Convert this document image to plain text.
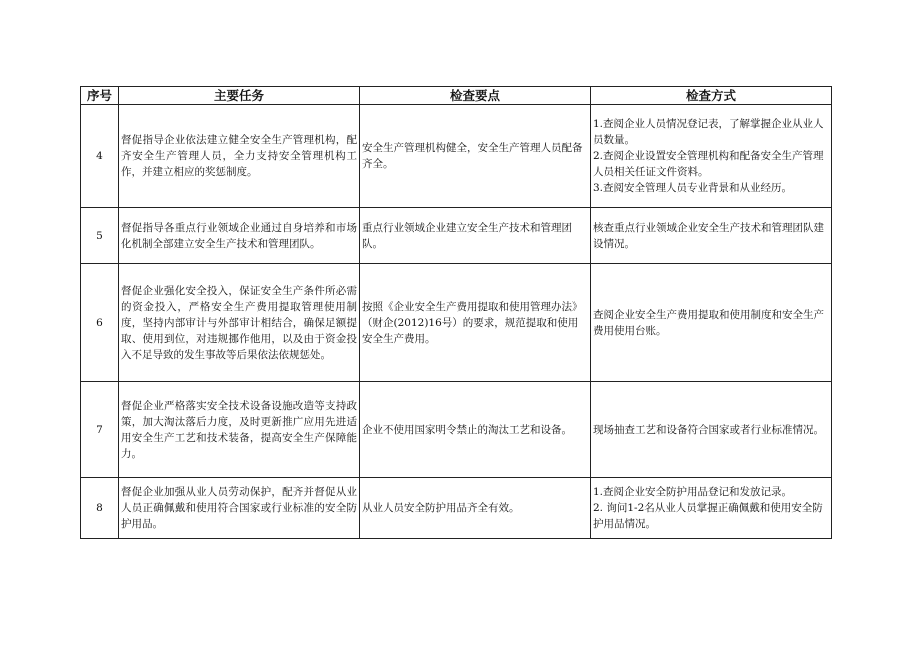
序号	主要任务	检查要点	检查方式
4	督促指导企业依法建立健全安全生产管理机构，配齐安全生产管理人员，全力支持安全管理机构工作，并建立相应的奖惩制度。	安全生产管理机构健全，安全生产管理人员配备齐全。	1.查阅企业人员情况登记表，了解掌握企业从业人员数量。
2.查阅企业设置安全管理机构和配备安全生产管理人员相关任证文件资料。
3.查阅安全管理人员专业背景和从业经历。

5	督促指导各重点行业领域企业通过自身培养和市场化机制全部建立安全生产技术和管理团队。	重点行业领域企业建立安全生产技术和管理团队。	核查重点行业领域企业安全生产技术和管理团队建设情况。

6	督促企业强化安全投入，保证安全生产条件所必需的资金投入，严格安全生产费用提取管理使用制度，坚持内部审计与外部审计相结合，确保足额提取、使用到位，对违规挪作他用，以及由于资金投入不足导致的发生事故等后果依法依规惩处。	按照《企业安全生产费用提取和使用管理办法》（财企(2012)16号）的要求，规范提取和使用安全生产费用。	查阅企业安全生产费用提取和使用制度和安全生产费用使用台账。

7	督促企业严格落实安全技术设备设施改造等支持政策，加大淘汰落后力度，及时更新推广应用先进适用安全生产工艺和技术装备，提高安全生产保障能力。	企业不使用国家明令禁止的淘汰工艺和设备。	现场抽查工艺和设备符合国家或者行业标准情况。

8	督促企业加强从业人员劳动保护，配齐并督促从业人员正确佩戴和使用符合国家或行业标准的安全防护用品。	从业人员安全防护用品齐全有效。	1.查阅企业安全防护用品登记和发放记录。
2. 询问1-2名从业人员掌握正确佩戴和使用安全防护用品情况。
